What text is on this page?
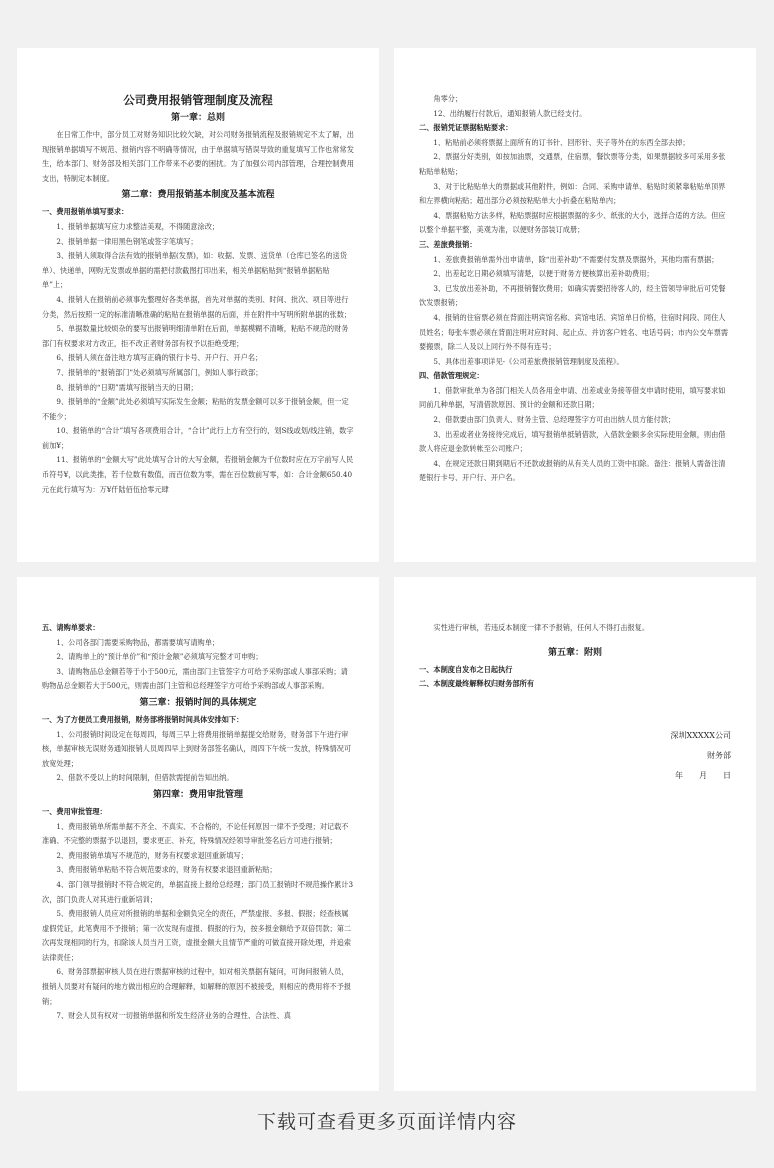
公司费用报销管理制度及流程

第一章：总则

在日常工作中，部分员工对财务知识比较欠缺，对公司财务报销流程及报销规定不太了解，出现报销单据填写不规范、报销内容不明确等情况，由于单据填写错误导致的重复填写工作也常常发生，给本部门、财务部及相关部门工作带来不必要的困扰。为了加强公司内部管理，合理控制费用支出，特制定本制度。

第二章：费用报销基本制度及基本流程

一、费用报销单填写要求：

1、报销单据填写应力求整洁美观，不得随意涂改；

2、报销单据一律用黑色钢笔或签字笔填写；

3、报销人须取得合法有效的报销单据(发票)，如：收据、发票、送货单（仓库已签名的送货单）、快递单，网购无发票或单据的需把付款截图打印出来，相关单据粘贴到“报销单据粘贴单”上；

4、报销人在报销前必须事先整理好各类单据，首先对单据的类别、时间、批次、项目等进行分类，然后按照一定的标准清晰准确的粘贴在报销单据的后面，并在附件中写明所附单据的张数；

5、单据数量比较烦杂的要写出报销明细清单附在后面，单据模糊不清晰，粘贴不规范的财务部门有权要求对方改正，拒不改正者财务部有权予以拒绝受理；

6、报销人须在备注地方填写正确的银行卡号、开户行、开户名；

7、报销单的“报销部门”处必须填写所属部门，例如人事行政部；

8、报销单的“日期”需填写报销当天的日期；

9、报销单的“金额”此处必须填写实际发生金额；粘贴的发票金额可以多于报销金额，但一定不能少；

10、报销单的“合计”填写各项费用合计，“合计”此行上方有空行的，划S线或划/线注销，数字前加¥；

11、报销单的“金额大写”此处填写合计的大写金额，若报销金额为千位数时应在万字前写人民币符号¥，以此类推，若千位数有数值，而百位数为零，需在百位数前写零，如：合计金额650.40元在此行填写为：万¥仟陆佰伍拾零元肆

角零分；

12、出纳履行付款后，通知报销人款已经支付。

二、报销凭证票据粘贴要求：

1、粘贴前必须将票据上面所有的订书针、回形针、夹子等外在的东西全部去掉；

2、票据分好类别，如按加油票，交通票，住宿票，餐饮票等分类，如果票据较多可采用多张粘贴单粘贴；

3、对于比粘贴单大的票据或其他附件，例如：合同、采购申请单、粘贴时须紧靠粘贴单顶界和左界横向粘贴；超出部分必须按粘贴单大小折叠在粘贴单内；

4、票据粘贴方法多样，粘贴票据时应根据票据的多少、纸张的大小，选择合适的方法。但应以整个单据平整，美观为准，以便财务部装订成册；

三、差旅费报销：

1、差旅费报销单需外出申请单，除“出差补助”不需要付发票及票据外，其他均需有票据；

2、出差起讫日期必须填写清楚，以便于财务方便核算出差补助费用；

3、已发放出差补助，不再报销餐饮费用；如确实需要招待客人的，经主管领导审批后可凭餐饮发票报销；

4、报销的住宿票必须在背面注明宾馆名称、宾馆电话、宾馆单日价格，住宿时间段、同住人员姓名；每张车票必须在背面注明对应时间、起止点、并访客户姓名、电话号码；市内公交车票需要搬票，除二人及以上同行外不得有连号；

5、具体出差事项详见-《公司差旅费报销管理制度及流程》。

四、借款管理规定：

1、借款审批单为各部门相关人员各用金申请、出差或业务接等借支申请时使用，填写要求如同前几种单据，写清借款原因、预计的金额和还款日期；

2、借款要由部门负责人、财务主管、总经理签字方可由出纳人员方能付款；

3、出差或者业务接待完成后，填写报销单抵销借款，入借款金额多余实际使用金额，则由借款人将应退金款转帐至公司账户；

4、在规定还款日期到期后不还款或报销的从有关人员的工资中扣除。备注：报销人需备注清楚银行卡号、开户行、开户名。

五、请购单要求：

1、公司各部门需要采购物品，都需要填写请购单；

2、请购单上的“预计单价”和“预计金额”必须填写完整才可申购；

3、请购物品总金额若等于小于500元，需由部门主管签字方可给予采购部或人事部采购；请购物品总金额若大于500元，则需由部门主管和总经理签字方可给予采购部或人事部采购。

第三章：报销时间的具体规定

一、为了方便员工费用报销，财务部将报销时间具体安排如下：

1、公司报销时间设定在每周四，每周三早上将费用报销单据提交给财务，财务部下午进行审核，单据审核无误财务通知报销人员周四早上到财务部签名确认，周四下午统一发放，特殊情况可放宽处理；

2、借款不受以上的时间限制，但借款需提前告知出纳。

第四章：费用审批管理

一、费用审批管理：

1、费用报销单所需单据不齐全、不真实、不合格的，不论任何原因一律不予受理；对记载不准确、不完整的票据予以退回，要求更正、补充，特殊情况经领导审批签名后方可进行报销；

2、费用报销单填写不规范的，财务有权要求退回重新填写；

3、费用报销单粘贴不符合规范要求的，财务有权要求退回重新粘贴；

4、部门领导报销时不符合规定的，单据直接上报给总经理；部门员工报销时不规范操作累计3次，部门负责人对其进行重新培训；

5、费用报销人员应对所报销的单据和金额负完全的责任，严禁虚报、多报、假报；经查核属虚假凭证，此笔费用不予报销；第一次发现有虚报、假报的行为，按多报金额给予双倍罚款；第二次再发现相同的行为，扣除该人员当月工资，虚报金额大且情节严重的可做直接开除处理，并追索法律责任；

6、财务部票据审核人员在进行票据审核的过程中，如对相关票据有疑问，可询问报销人员，报销人员要对有疑问的地方做出相应的合理解释，如解释的原因不被接受，则相应的费用将不予报销；

7、财会人员有权对一切报销单据和所发生经济业务的合理性、合法性、真

实性进行审核，若违反本制度一律不予报销，任何人不得打击报复。

第五章：附则

一、本制度自发布之日起执行

二、本制度最终解释权归财务部所有

深圳XXXXX公司

财务部

年　　月　　日

下载可查看更多页面详情内容
